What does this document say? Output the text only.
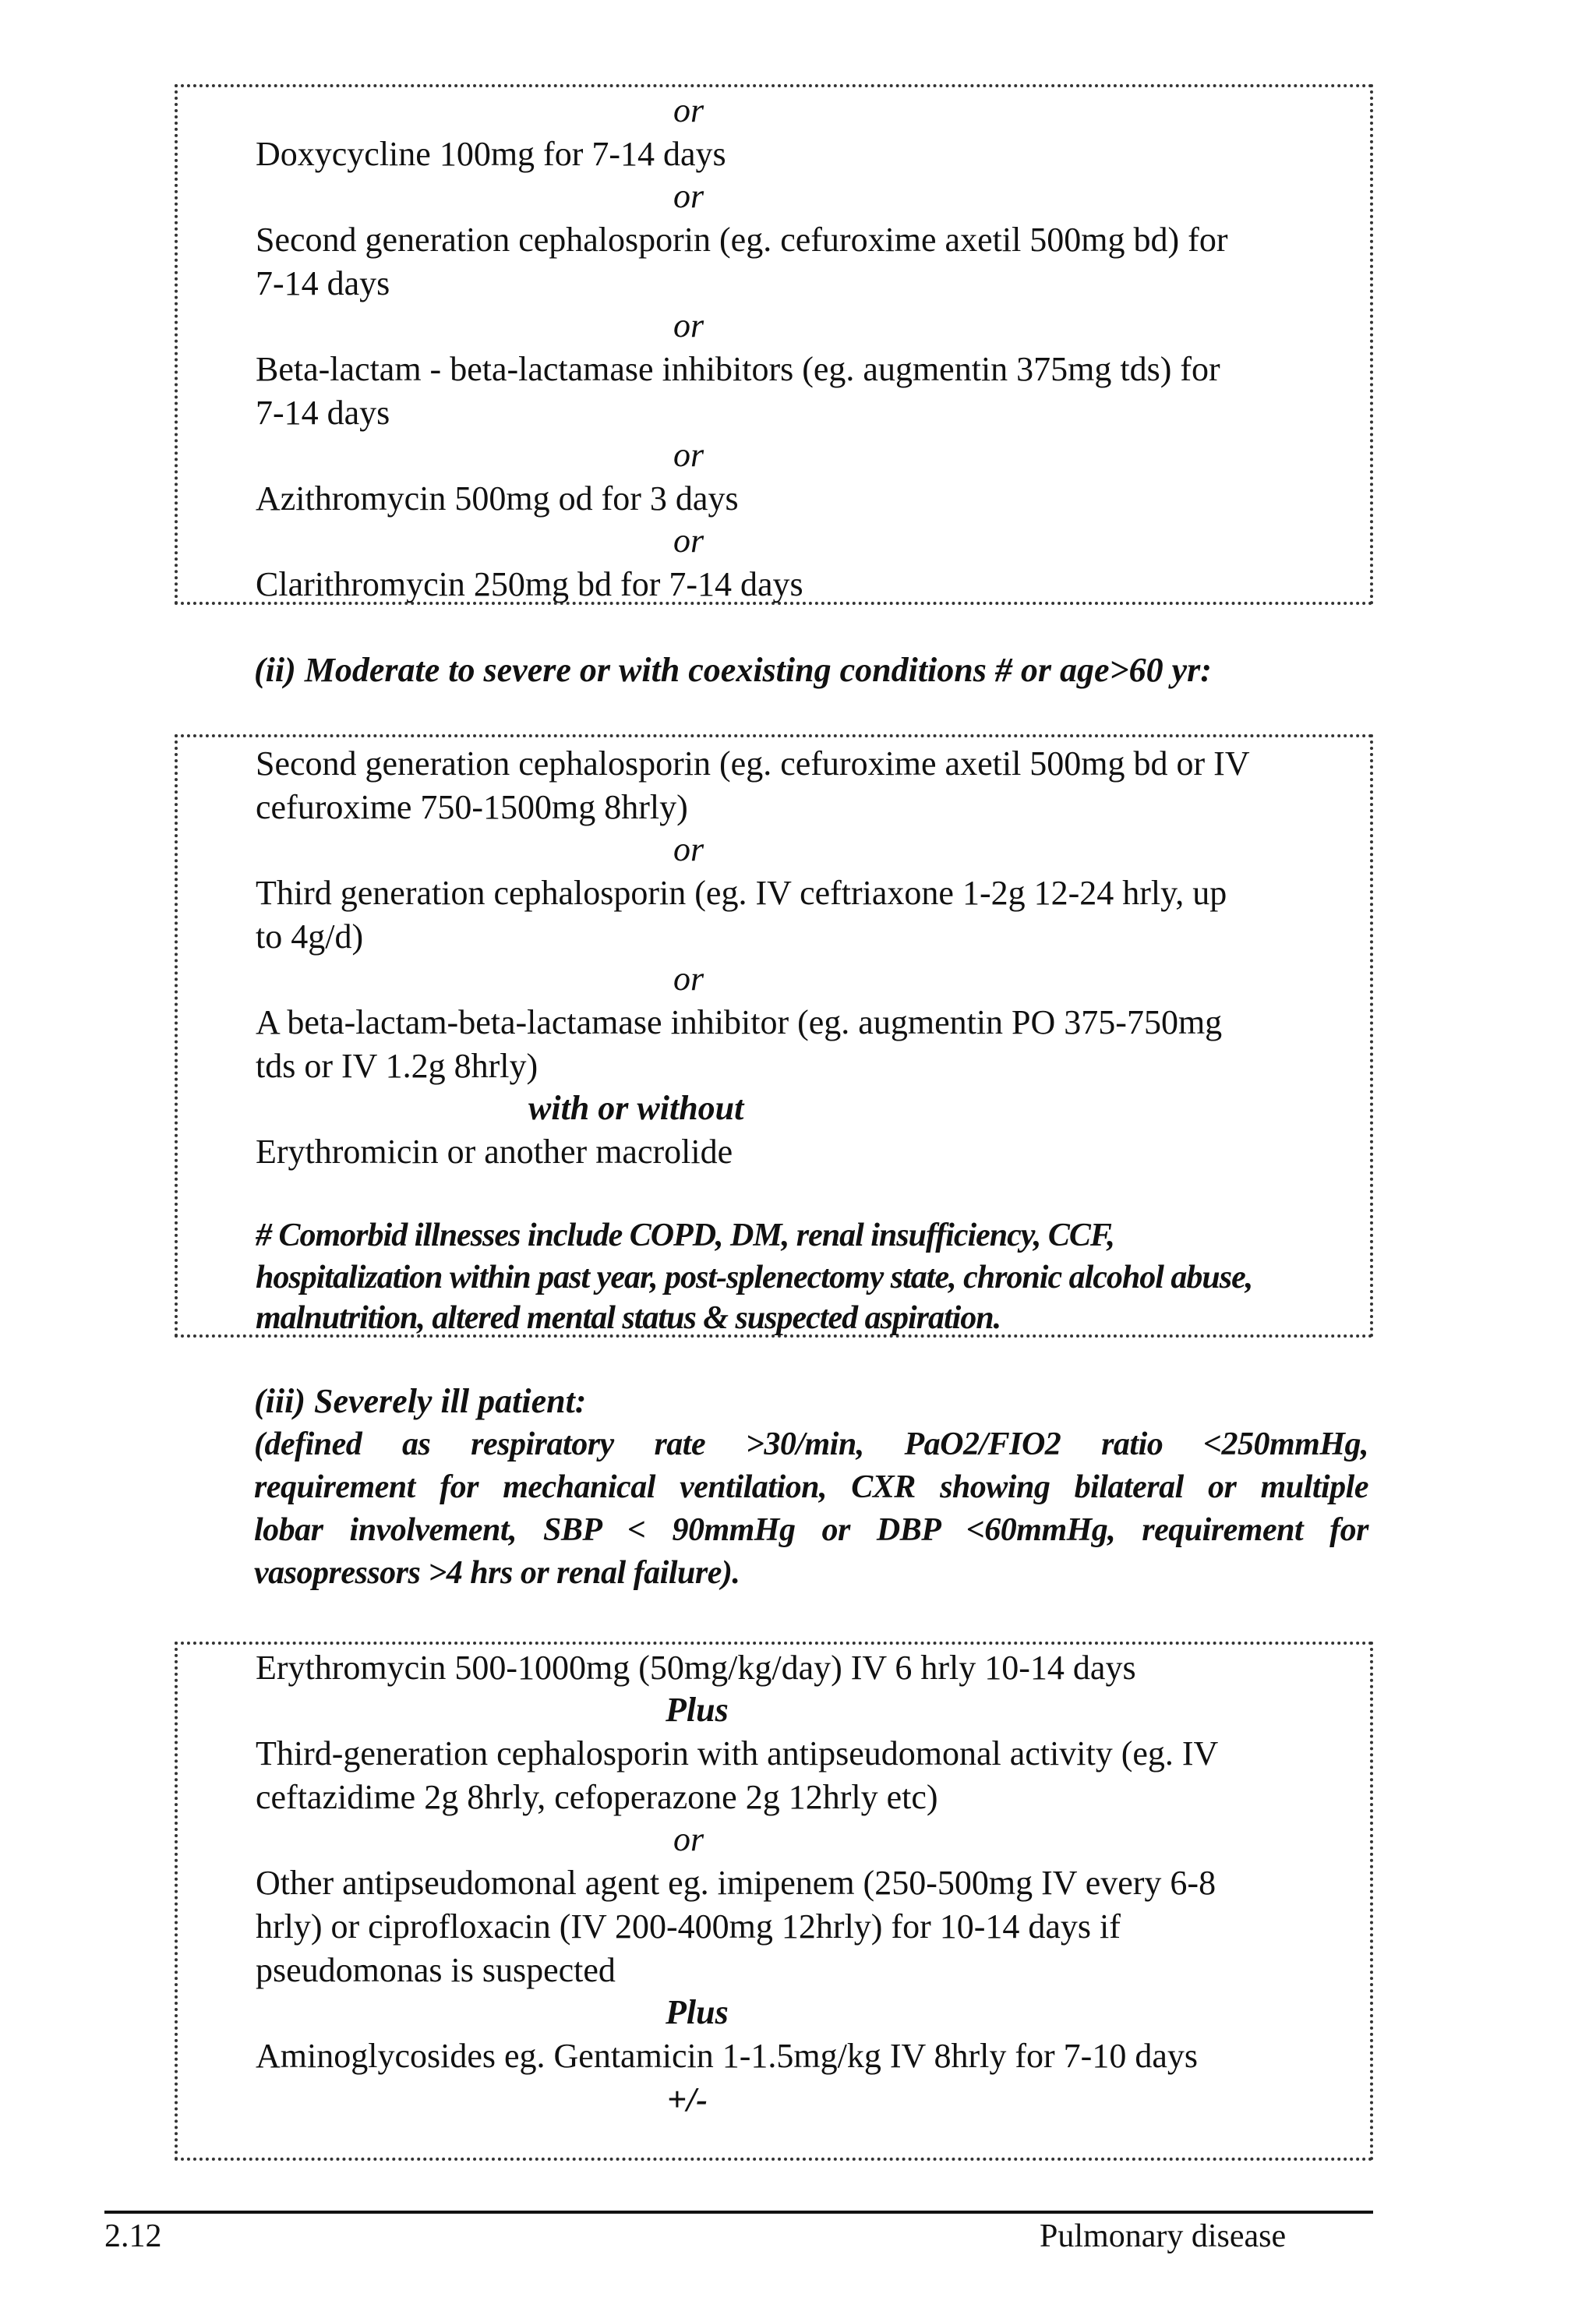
or

Doxycycline 100mg for 7-14 days

or

Second generation cephalosporin (eg. cefuroxime axetil 500mg bd) for

7-14 days

or

Beta-lactam - beta-lactamase inhibitors (eg. augmentin 375mg tds) for

7-14 days

or

Azithromycin 500mg od for 3 days

or

Clarithromycin 250mg bd for 7-14 days

(ii) Moderate to severe or with coexisting conditions # or age>60 yr:

Second generation cephalosporin (eg. cefuroxime axetil 500mg bd or IV

cefuroxime 750-1500mg 8hrly)

or

Third generation cephalosporin (eg. IV ceftriaxone 1-2g 12-24 hrly, up

to 4g/d)

or

A beta-lactam-beta-lactamase inhibitor (eg. augmentin PO 375-750mg

tds or IV 1.2g 8hrly)

with or without

Erythromicin or another macrolide

# Comorbid illnesses include COPD, DM, renal insufficiency, CCF,

hospitalization within past year, post-splenectomy state, chronic alcohol abuse,

malnutrition, altered mental status & suspected aspiration.

(iii) Severely ill patient:

(defined as respiratory rate >30/min, PaO2/FIO2 ratio <250mmHg,
requirement for mechanical ventilation, CXR showing bilateral or multiple
lobar involvement, SBP < 90mmHg or DBP <60mmHg, requirement for
vasopressors >4 hrs or renal failure).

Erythromycin 500-1000mg (50mg/kg/day) IV 6 hrly 10-14 days

Plus

Third-generation cephalosporin with antipseudomonal activity (eg. IV

ceftazidime 2g 8hrly, cefoperazone 2g 12hrly etc)

or

Other antipseudomonal agent eg. imipenem (250-500mg IV every 6-8

hrly) or ciprofloxacin (IV 200-400mg 12hrly) for 10-14 days if

pseudomonas is suspected

Plus

Aminoglycosides eg. Gentamicin 1-1.5mg/kg IV 8hrly for 7-10 days

+/-

2.12	Pulmonary disease
